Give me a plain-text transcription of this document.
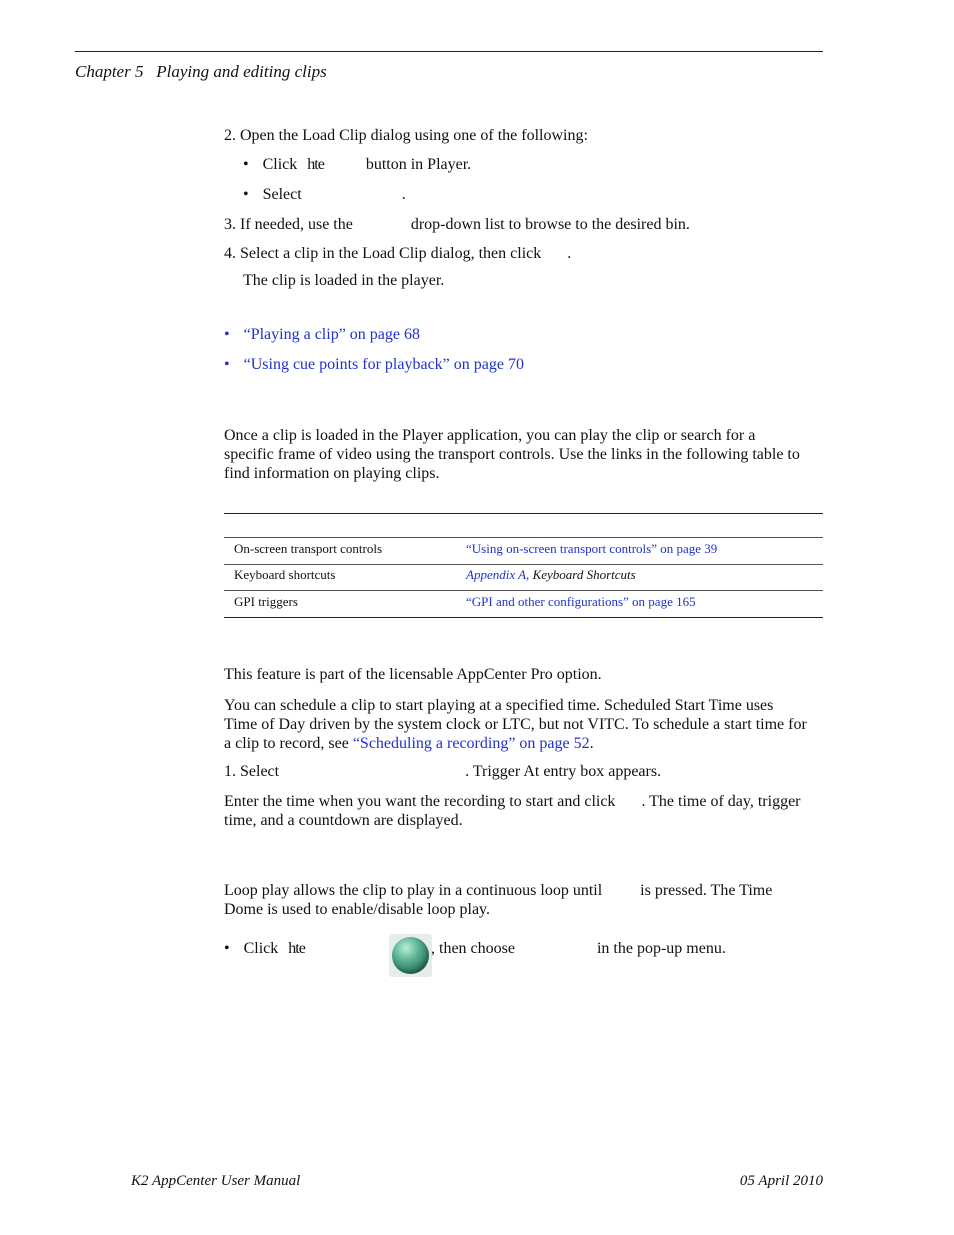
Chapter 5 Playing and editing clips
2. Open the Load Clip dialog using one of the following:
• Click hte	button in Player.
• Select	.
3. If needed, use the	drop-down list to browse to the desired bin.
4. Select a clip in the Load Clip dialog, then click .
The clip is loaded in the player.
• “Playing a clip” on page 68
• “Using cue points for playback” on page 70
Once a clip is loaded in the Player application, you can play the clip or search for a specific frame of video using the transport controls. Use the links in the following table to find information on playing clips.
On-screen transport controls	“Using on-screen transport controls” on page 39
Keyboard shortcuts	Appendix A, Keyboard Shortcuts
GPI triggers	“GPI and other configurations” on page 165
This feature is part of the licensable AppCenter Pro option.
You can schedule a clip to start playing at a specified time. Scheduled Start Time uses Time of Day driven by the system clock or LTC, but not VITC. To schedule a start time for a clip to record, see “Scheduling a recording” on page 52.
1. Select	. Trigger At entry box appears.
Enter the time when you want the recording to start and click . The time of day, trigger time, and a countdown are displayed.
Loop play allows the clip to play in a continuous loop until is pressed. The Time Dome is used to enable/disable loop play.
• Click hte	, then choose	in the pop-up menu.
K2 AppCenter User Manual	05 April 2010
